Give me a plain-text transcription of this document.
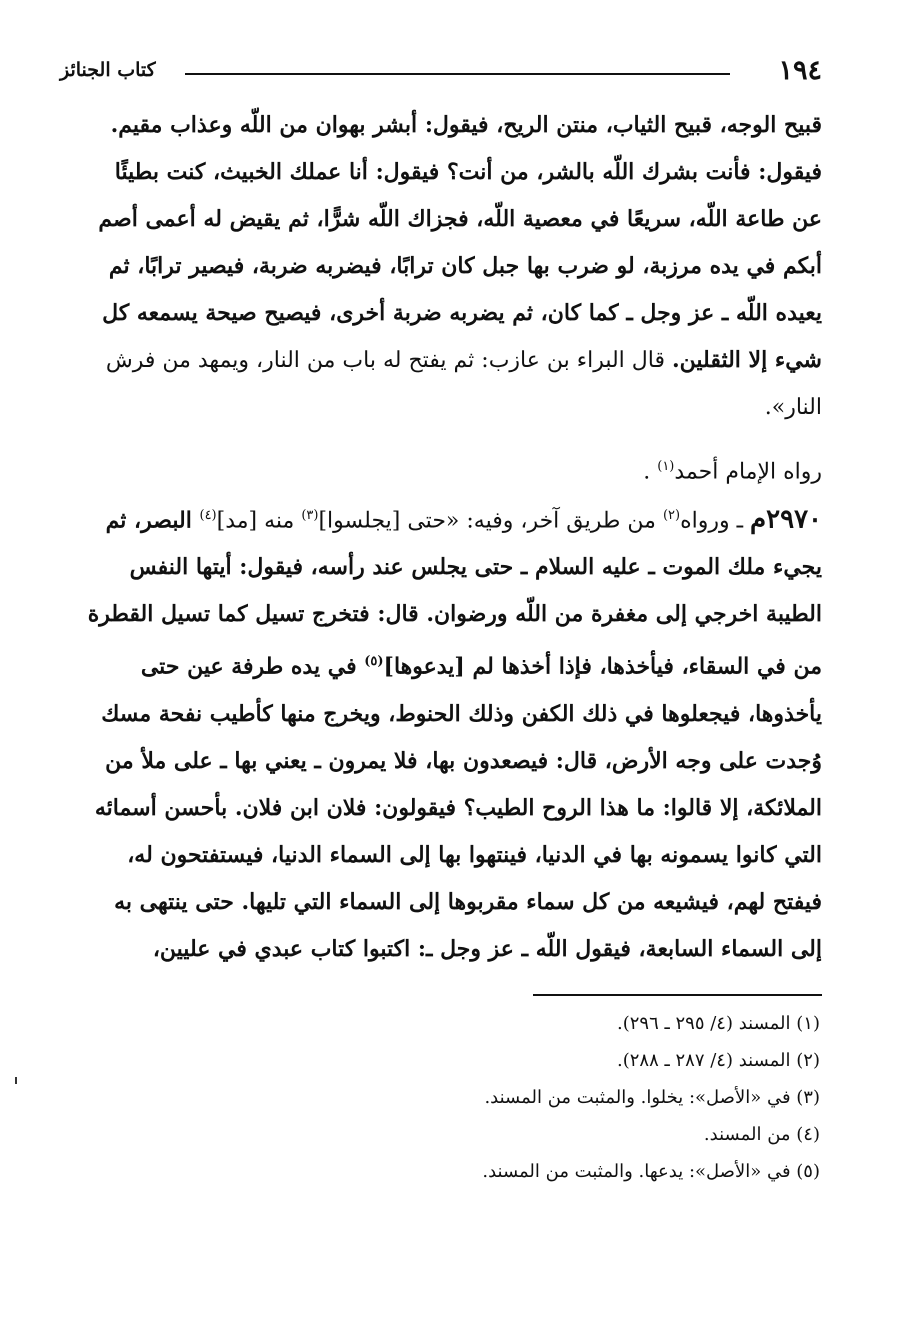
١٩٤
كتاب الجنائز

قبيح الوجه، قبيح الثياب، منتن الريح، فيقول: أبشر بهوان من اللّه وعذاب مقيم. فيقول: فأنت بشرك اللّه بالشر، من أنت؟ فيقول: أنا عملك الخبيث، كنت بطيئًا عن طاعة اللّه، سريعًا في معصية اللّه، فجزاك اللّه شرًّا، ثم يقيض له أعمى أصم أبكم في يده مرزبة، لو ضرب بها جبل كان ترابًا، فيضربه ضربة، فيصير ترابًا، ثم يعيده اللّه ـ عز وجل ـ كما كان، ثم يضربه ضربة أخرى، فيصيح صيحة يسمعه كل شيء إلا الثقلين. قال البراء بن عازب: ثم يفتح له باب من النار، ويمهد من فرش النار».

رواه الإمام أحمد$^{(١)}$ .

٢٩٧٠م ـ ورواه$^{(٢)}$ من طريق آخر، وفيه: «حتى [يجلسوا]$^{(٣)}$ منه [مد]$^{(٤)}$ البصر، ثم يجيء ملك الموت ـ عليه السلام ـ حتى يجلس عند رأسه، فيقول: أيتها النفس الطيبة اخرجي إلى مغفرة من اللّه ورضوان. قال: فتخرج تسيل كما تسيل القطرة من في السقاء، فيأخذها، فإذا أخذها لم [يدعوها]$^{(٥)}$ في يده طرفة عين حتى يأخذوها، فيجعلوها في ذلك الكفن وذلك الحنوط، ويخرج منها كأطيب نفحة مسك وُجدت على وجه الأرض، قال: فيصعدون بها، فلا يمرون ـ يعني بها ـ على ملأ من الملائكة، إلا قالوا: ما هذا الروح الطيب؟ فيقولون: فلان ابن فلان. بأحسن أسمائه التي كانوا يسمونه بها في الدنيا، فينتهوا بها إلى السماء الدنيا، فيستفتحون له، فيفتح لهم، فيشيعه من كل سماء مقربوها إلى السماء التي تليها. حتى ينتهى به إلى السماء السابعة، فيقول اللّه ـ عز وجل ـ: اكتبوا كتاب عبدي في عليين،

(١) المسند (٤/ ٢٩٥ ـ ٢٩٦).
(٢) المسند (٤/ ٢٨٧ ـ ٢٨٨).
(٣) في «الأصل»: يخلوا. والمثبت من المسند.
(٤) من المسند.
(٥) في «الأصل»: يدعها. والمثبت من المسند.
